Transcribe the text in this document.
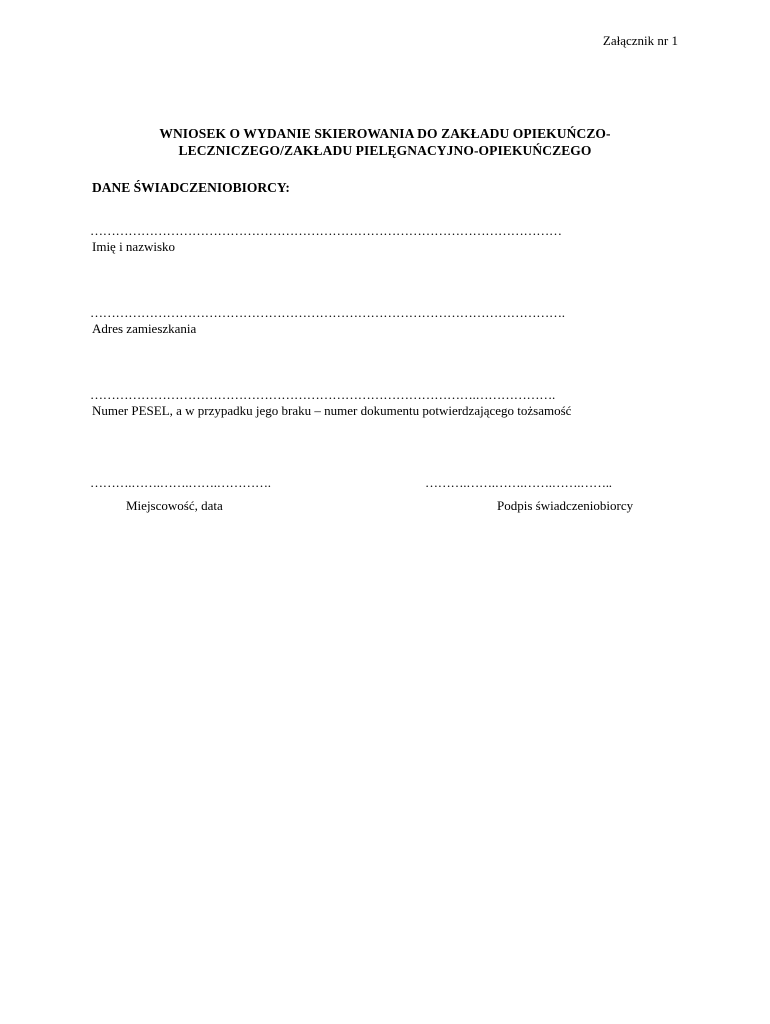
Załącznik nr 1
WNIOSEK O WYDANIE SKIEROWANIA DO ZAKŁADU OPIEKUŃCZO-
LECZNICZEGO/ZAKŁADU PIELĘGNACYJNO-OPIEKUŃCZEGO
DANE ŚWIADCZENIOBIORCY:
…………………………………………………………………………………………………
Imię i nazwisko
………………………………………………………………………………………………….
Adres zamieszkania
……………………………………………………………………………….……………….
Numer PESEL, a w przypadku jego braku – numer dokumentu potwierdzającego tożsamość
……….…….…….…….………….
Miejscowość, data
……….…….…….…….…….……..
Podpis świadczeniobiorcy
